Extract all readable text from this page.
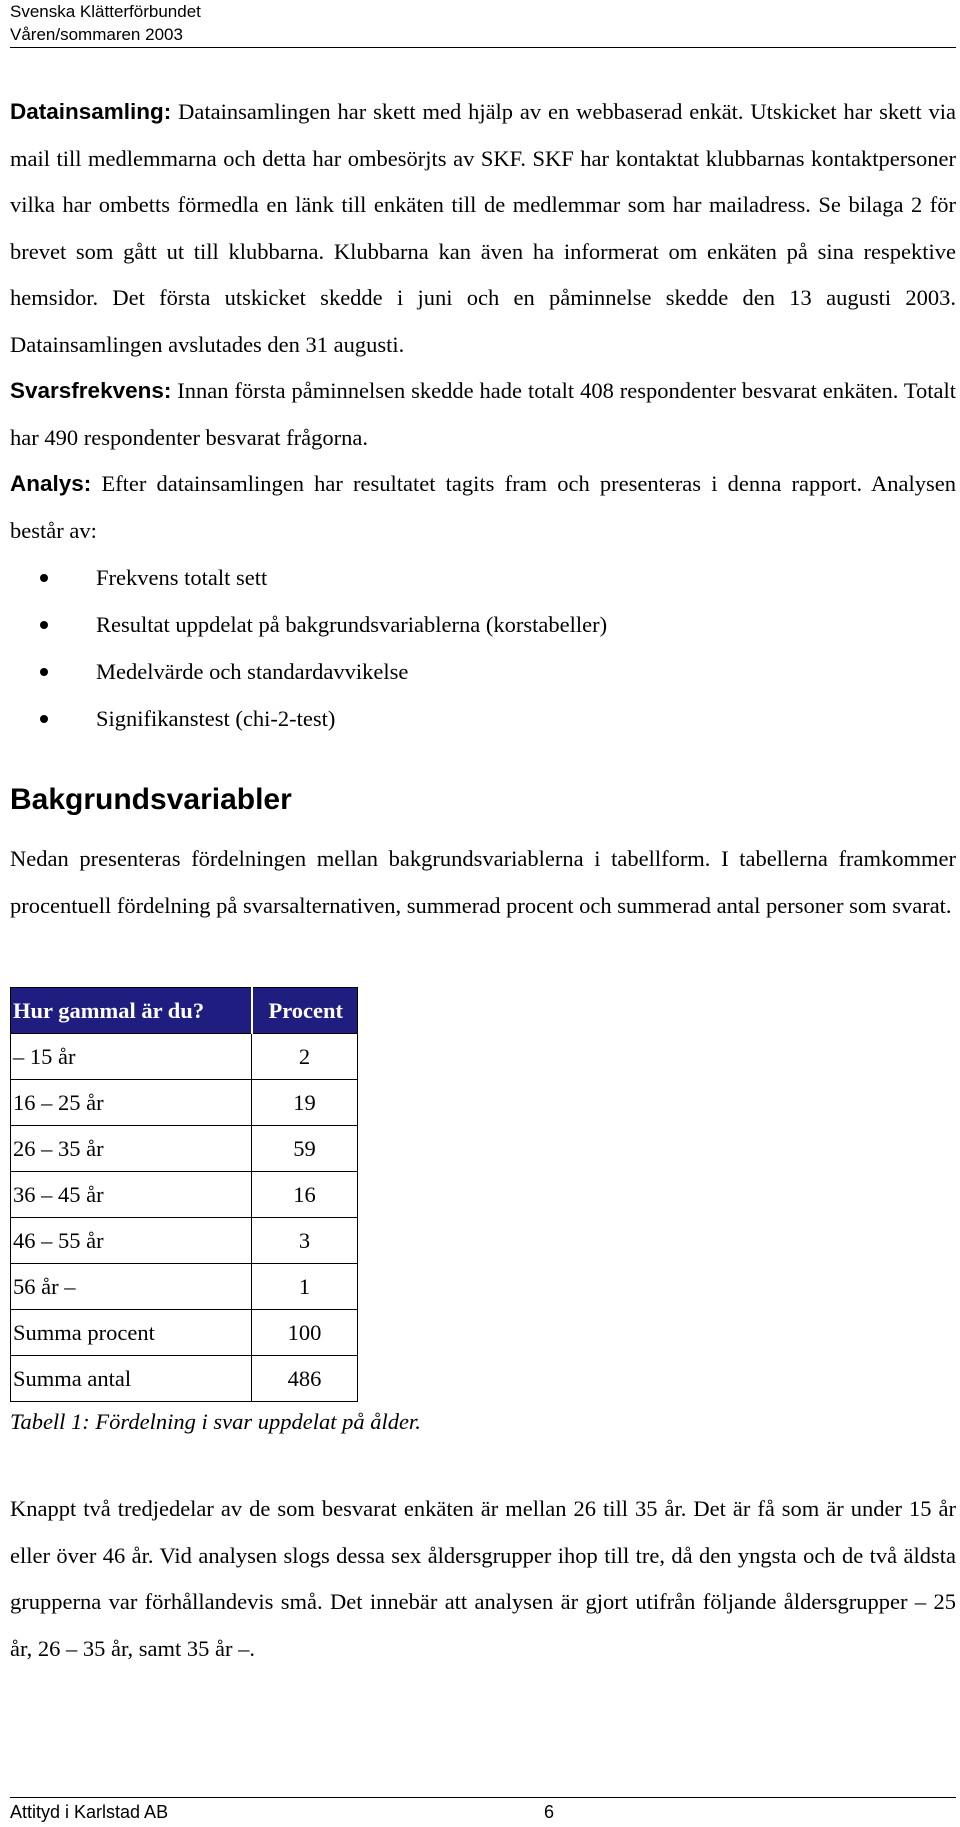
Svenska Klätterförbundet
Våren/sommaren 2003

Datainsamling: Datainsamlingen har skett med hjälp av en webbaserad enkät. Utskicket har skett via mail till medlemmarna och detta har ombesörjts av SKF. SKF har kontaktat klubbarnas kontaktpersoner vilka har ombetts förmedla en länk till enkäten till de medlemmar som har mailadress. Se bilaga 2 för brevet som gått ut till klubbarna. Klubbarna kan även ha informerat om enkäten på sina respektive hemsidor. Det första utskicket skedde i juni och en påminnelse skedde den 13 augusti 2003. Datainsamlingen avslutades den 31 augusti.

Svarsfrekvens: Innan första påminnelsen skedde hade totalt 408 respondenter besvarat enkäten. Totalt har 490 respondenter besvarat frågorna.

Analys: Efter datainsamlingen har resultatet tagits fram och presenteras i denna rapport. Analysen består av:

Frekvens totalt sett
Resultat uppdelat på bakgrundsvariablerna (korstabeller)
Medelvärde och standardavvikelse
Signifikanstest (chi-2-test)
Bakgrundsvariabler

Nedan presenteras fördelningen mellan bakgrundsvariablerna i tabellform. I tabellerna framkommer procentuell fördelning på svarsalternativen, summerad procent och summerad antal personer som svarat.

Hur gammal är du?	Procent
– 15 år	2
16 – 25 år	19
26 – 35 år	59
36 – 45 år	16
46 – 55 år	3
56 år –	1
Summa procent	100
Summa antal	486
Tabell 1: Fördelning i svar uppdelat på ålder.

Knappt två tredjedelar av de som besvarat enkäten är mellan 26 till 35 år. Det är få som är under 15 år eller över 46 år. Vid analysen slogs dessa sex åldersgrupper ihop till tre, då den yngsta och de två äldsta grupperna var förhållandevis små. Det innebär att analysen är gjort utifrån följande åldersgrupper – 25 år, 26 – 35 år, samt 35 år –.

Attityd i Karlstad AB	6
